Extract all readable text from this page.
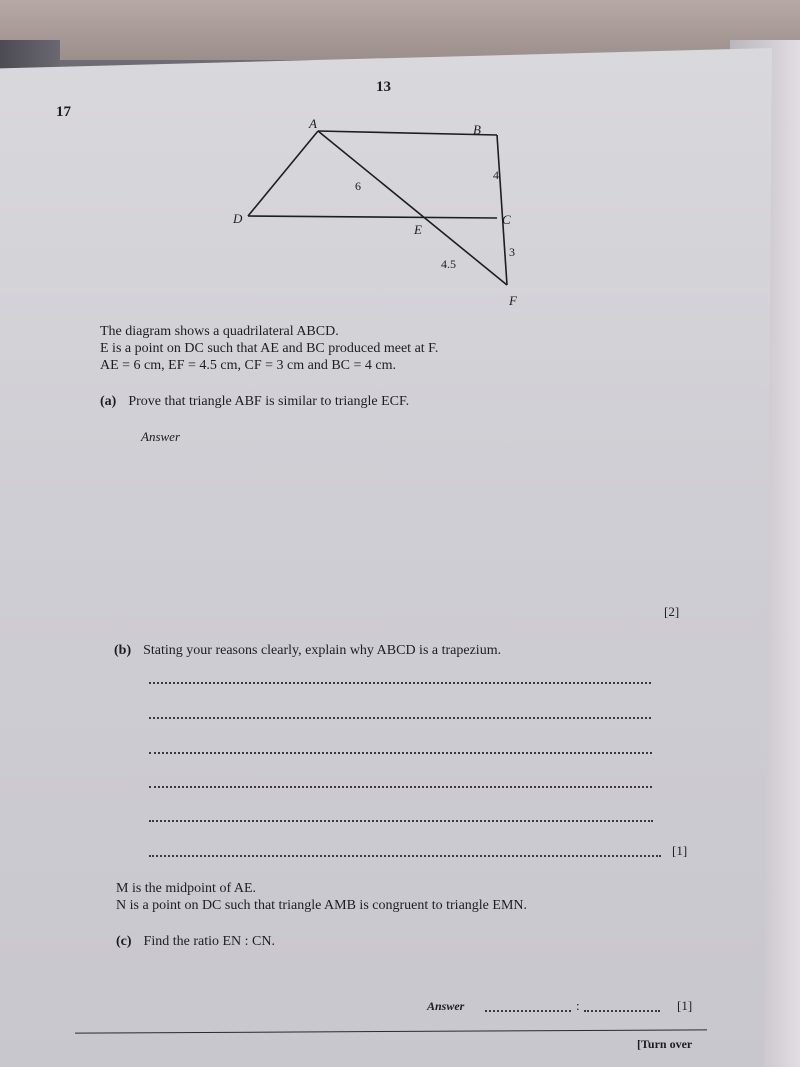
13

17

A	B
C
D
E
F
6
4
4.5
3
The diagram shows a quadrilateral ABCD.
E is a point on DC such that AE and BC produced meet at F.
AE = 6 cm, EF = 4.5 cm, CF = 3 cm and BC = 4 cm.
(a) Prove that triangle ABF is similar to triangle ECF.

Answer

[2]

(b) Stating your reasons clearly, explain why ABCD is a trapezium.

[1]

M is the midpoint of AE.
N is a point on DC such that triangle AMB is congruent to triangle EMN.
(c) Find the ratio EN : CN.

Answer	:	[1]

[Turn over
